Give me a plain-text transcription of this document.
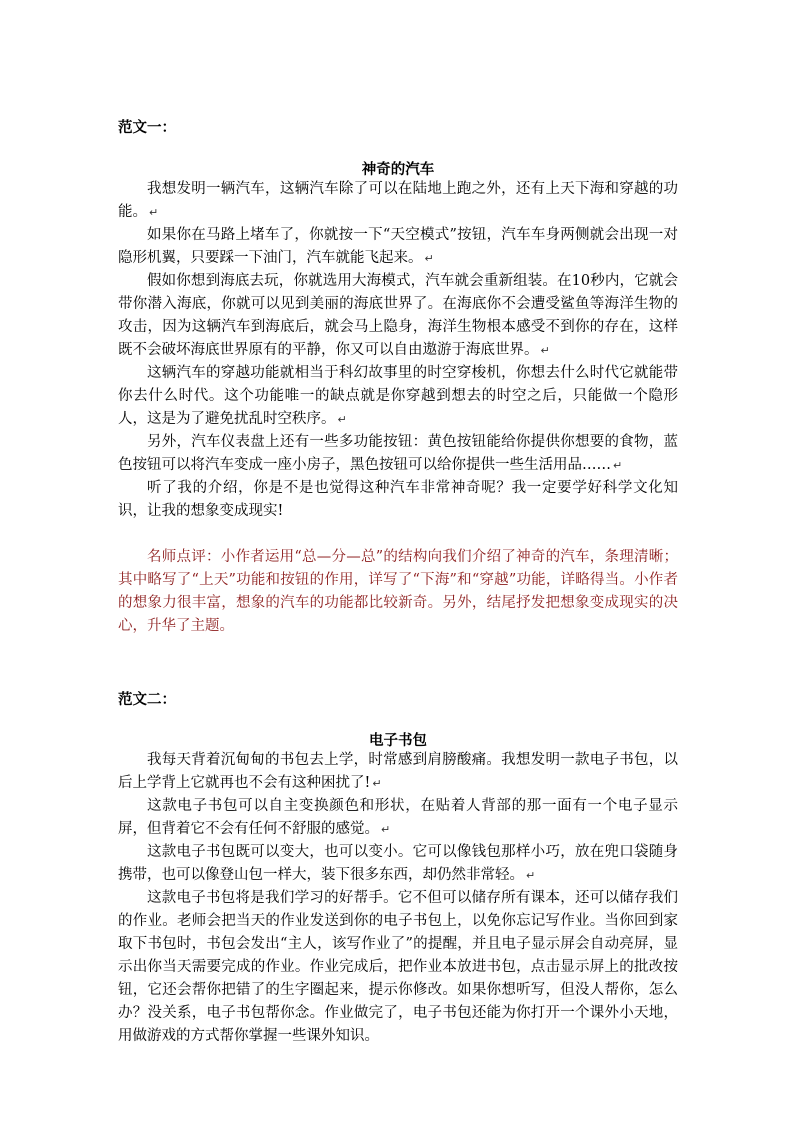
范文一：
神奇的汽车

我想发明一辆汽车，这辆汽车除了可以在陆地上跑之外，还有上天下海和穿越的功能。 ↵

如果你在马路上堵车了，你就按一下“天空模式”按钮，汽车车身两侧就会出现一对隐形机翼，只要踩一下油门，汽车就能飞起来。 ↵

假如你想到海底去玩，你就选用大海模式，汽车就会重新组装。在10秒内，它就会带你潜入海底，你就可以见到美丽的海底世界了。在海底你不会遭受鲨鱼等海洋生物的攻击，因为这辆汽车到海底后，就会马上隐身，海洋生物根本感受不到你的存在，这样既不会破坏海底世界原有的平静，你又可以自由遨游于海底世界。 ↵

这辆汽车的穿越功能就相当于科幻故事里的时空穿梭机，你想去什么时代它就能带你去什么时代。这个功能唯一的缺点就是你穿越到想去的时空之后，只能做一个隐形人，这是为了避免扰乱时空秩序。 ↵

另外，汽车仪表盘上还有一些多功能按钮：黄色按钮能给你提供你想要的食物，蓝色按钮可以将汽车变成一座小房子，黑色按钮可以给你提供一些生活用品…… ↵

听了我的介绍，你是不是也觉得这种汽车非常神奇呢？我一定要学好科学文化知识，让我的想象变成现实!

名师点评：小作者运用“总—分—总”的结构向我们介绍了神奇的汽车，条理清晰；其中略写了“上天”功能和按钮的作用，详写了“下海”和“穿越”功能，详略得当。小作者的想象力很丰富，想象的汽车的功能都比较新奇。另外，结尾抒发把想象变成现实的决心，升华了主题。

范文二：
电子书包

我每天背着沉甸甸的书包去上学，时常感到肩膀酸痛。我想发明一款电子书包，以后上学背上它就再也不会有这种困扰了! ↵

这款电子书包可以自主变换颜色和形状，在贴着人背部的那一面有一个电子显示屏，但背着它不会有任何不舒服的感觉。 ↵

这款电子书包既可以变大，也可以变小。它可以像钱包那样小巧，放在兜口袋随身携带，也可以像登山包一样大，装下很多东西，却仍然非常轻。 ↵

这款电子书包将是我们学习的好帮手。它不但可以储存所有课本，还可以储存我们的作业。老师会把当天的作业发送到你的电子书包上，以免你忘记写作业。当你回到家取下书包时，书包会发出“主人，该写作业了”的提醒，并且电子显示屏会自动亮屏，显示出你当天需要完成的作业。作业完成后，把作业本放进书包，点击显示屏上的批改按钮，它还会帮你把错了的生字圈起来，提示你修改。如果你想听写，但没人帮你，怎么办？没关系，电子书包帮你念。作业做完了，电子书包还能为你打开一个课外小天地，用做游戏的方式帮你掌握一些课外知识。
